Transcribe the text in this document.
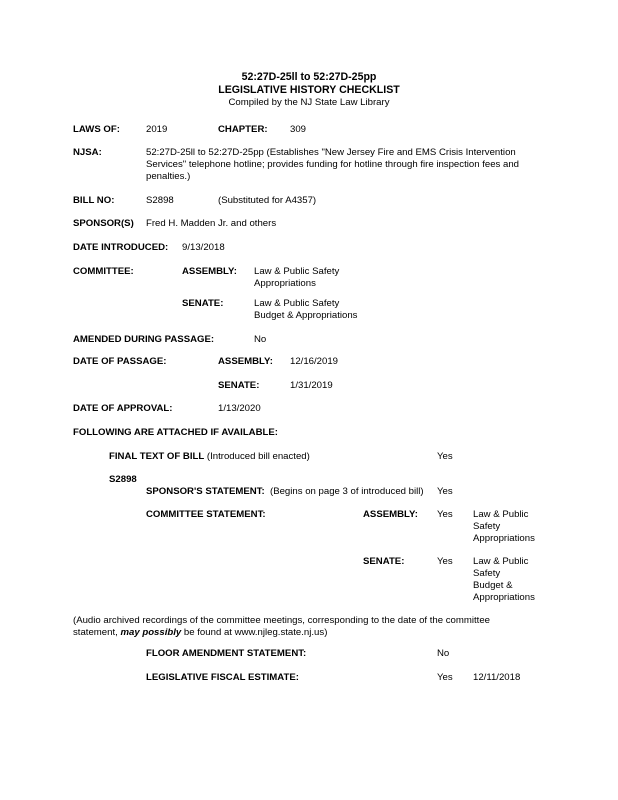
52:27D-25ll to 52:27D-25pp
LEGISLATIVE HISTORY CHECKLIST
Compiled by the NJ State Law Library
LAWS OF:	2019	CHAPTER: 309
NJSA:	52:27D-25ll to 52:27D-25pp (Establishes "New Jersey Fire and EMS Crisis Intervention
Services" telephone hotline; provides funding for hotline through fire inspection fees and
penalties.)
BILL NO:	S2898	(Substituted for A4357)
SPONSOR(S) Fred H. Madden Jr. and others
DATE INTRODUCED: 9/13/2018
COMMITTEE:	ASSEMBLY: Law & Public Safety
Appropriations
SENATE:	Law & Public Safety
Budget & Appropriations
AMENDED DURING PASSAGE:	No
DATE OF PASSAGE:	ASSEMBLY: 12/16/2019
SENATE:	1/31/2019
DATE OF APPROVAL:	1/13/2020
FOLLOWING ARE ATTACHED IF AVAILABLE:
FINAL TEXT OF BILL (Introduced bill enacted)	Yes
S2898
SPONSOR'S STATEMENT: (Begins on page 3 of introduced bill) Yes
COMMITTEE STATEMENT:	ASSEMBLY: Yes Law & Public
Safety
Appropriations
SENATE:	Yes Law & Public
Safety
Budget &
Appropriations
(Audio archived recordings of the committee meetings, corresponding to the date of the committee
statement, may possibly be found at www.njleg.state.nj.us)
FLOOR AMENDMENT STATEMENT:	No
LEGISLATIVE FISCAL ESTIMATE:	Yes 12/11/2018
